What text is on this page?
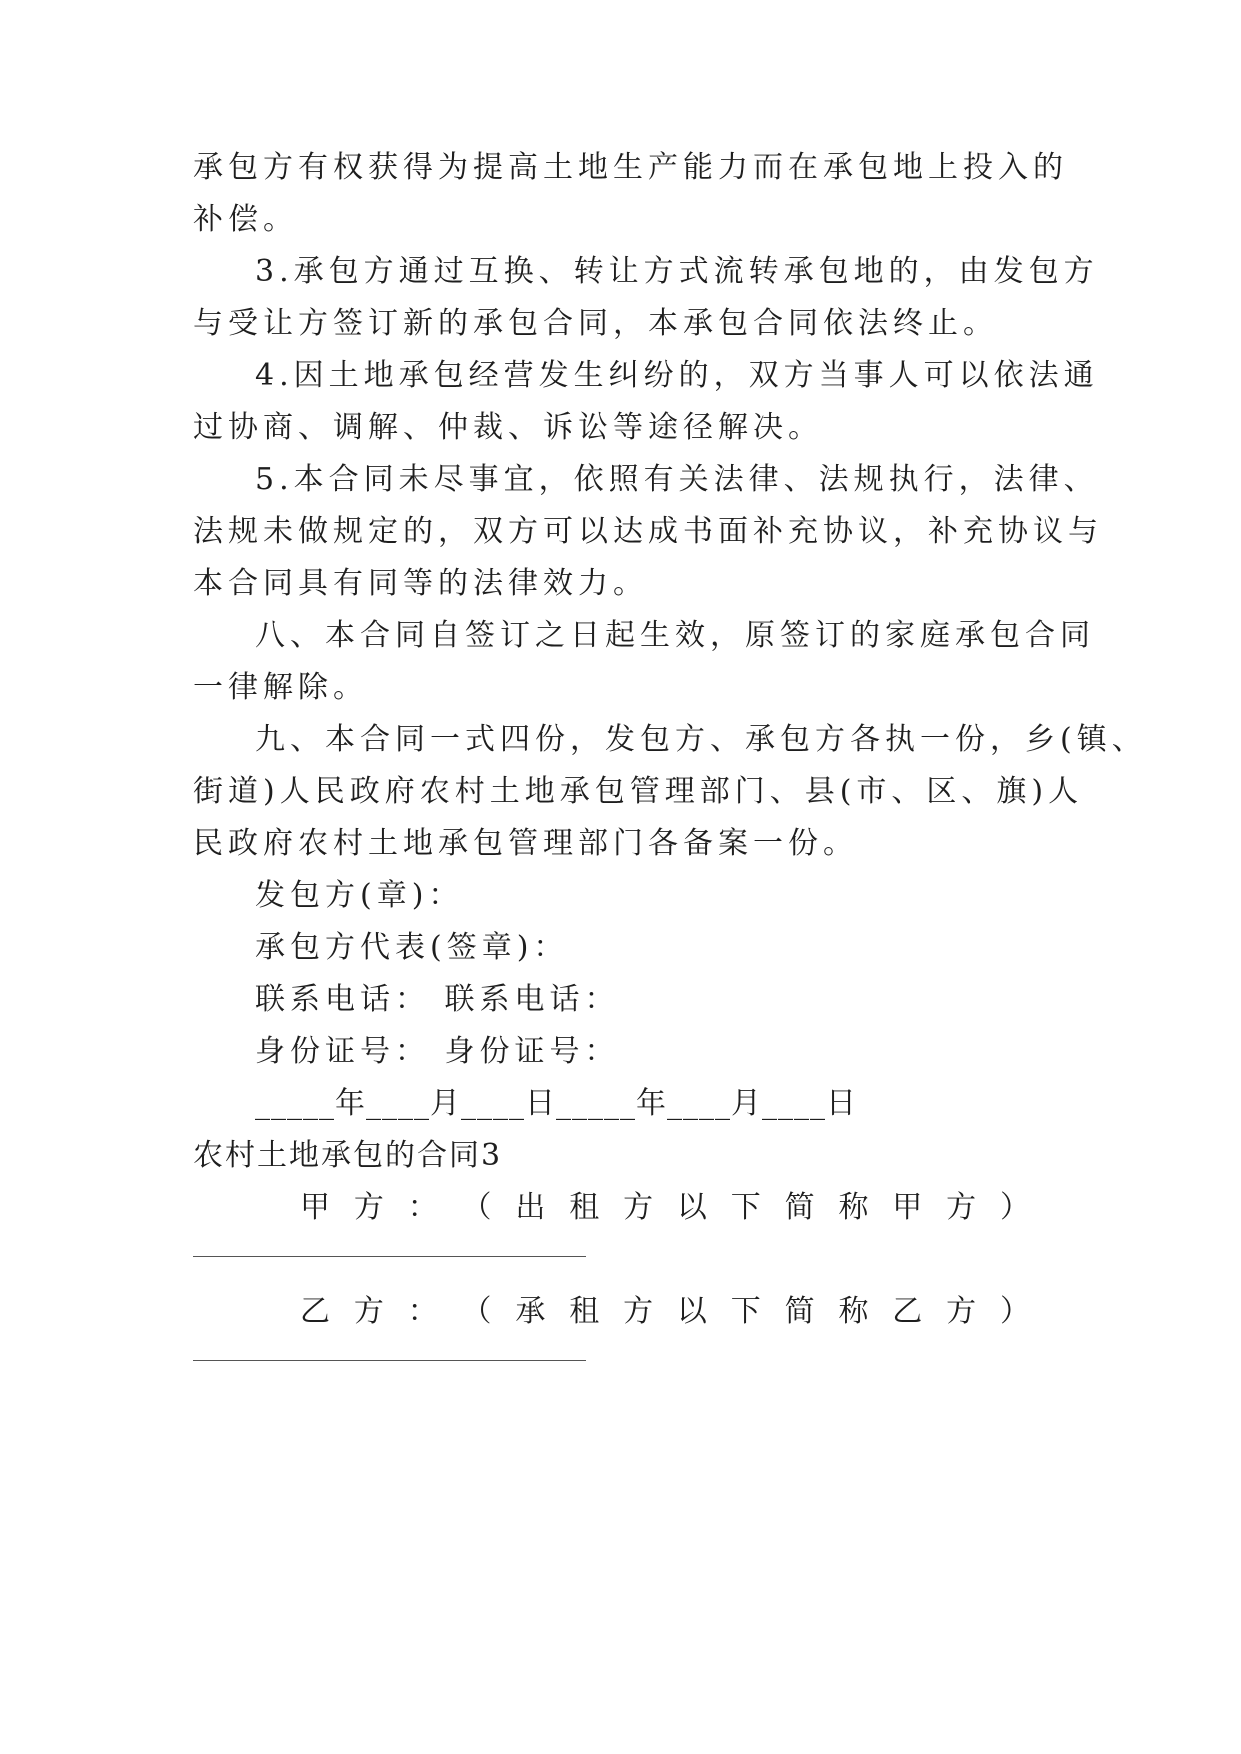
承包方有权获得为提高土地生产能力而在承包地上投入的
补偿。
3.承包方通过互换、转让方式流转承包地的，由发包方
与受让方签订新的承包合同，本承包合同依法终止。
4.因土地承包经营发生纠纷的，双方当事人可以依法通
过协商、调解、仲裁、诉讼等途径解决。
5.本合同未尽事宜，依照有关法律、法规执行，法律、
法规未做规定的，双方可以达成书面补充协议，补充协议与
本合同具有同等的法律效力。
八、本合同自签订之日起生效，原签订的家庭承包合同
一律解除。
九、本合同一式四份，发包方、承包方各执一份，乡(镇、
街道)人民政府农村土地承包管理部门、县(市、区、旗)人
民政府农村土地承包管理部门各备案一份。
发包方(章)：
承包方代表(签章)：
联系电话： 联系电话：
身份证号： 身份证号：
_____年____月____日_____年____月____日
农村土地承包的合同3
甲 方 ： （ 出 租 方 以 下 简 称 甲 方 ）
乙 方 ： （ 承 租 方 以 下 简 称 乙 方 ）
